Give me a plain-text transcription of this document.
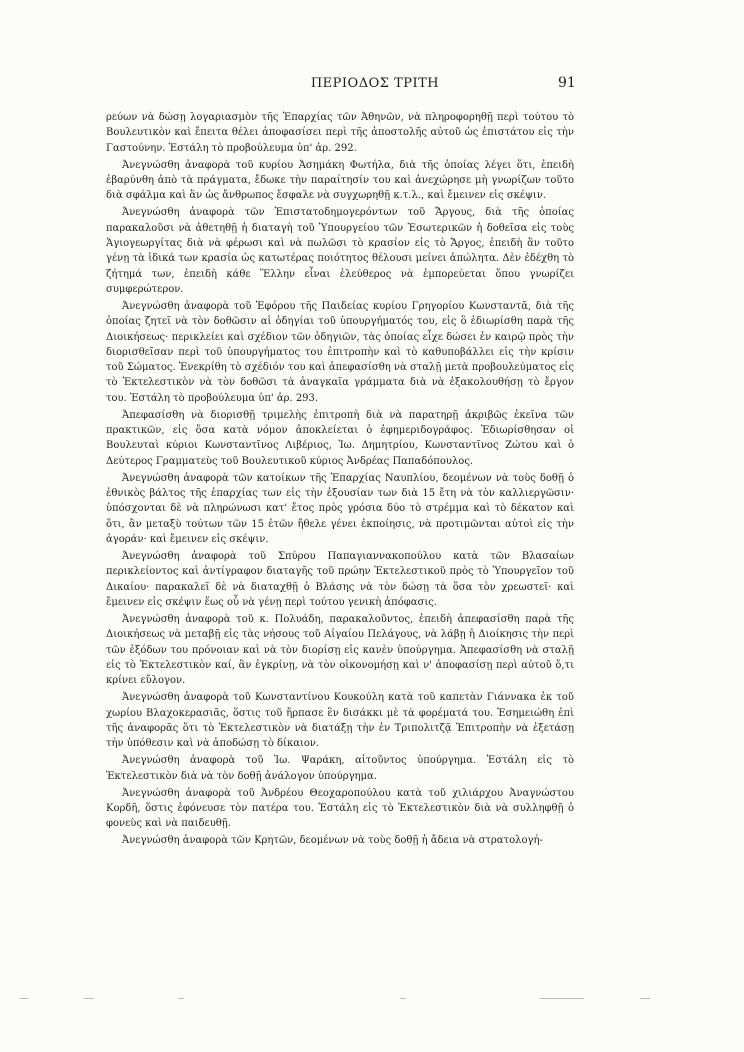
ΠΕΡΙΟΔΟΣ ΤΡΙΤΗ	91

ρεύων νὰ δώσῃ λογαριασμὸν τῆς Ἐπαρχίας τῶν Ἀθηνῶν, νὰ πληροφορηθῇ περὶ τούτου τὸ Βουλευτικὸν καὶ ἔπειτα θέλει ἀποφασίσει περὶ τῆς ἀποστολῆς αὐτοῦ ὡς ἐπιστάτου εἰς τὴν Γαστούνην. Ἐστάλη τὸ προβούλευμα ὑπ' ἀρ. 292.

Ἀνεγνώσθη ἀναφορὰ τοῦ κυρίου Ἀσημάκη Φωτήλα, διὰ τῆς ὁποίας λέγει ὅτι, ἐπειδὴ ἐβαρύνθη ἀπὸ τὰ πράγματα, ἔδωκε τὴν παραίτησίν του καὶ ἀνεχώρησε μὴ γνωρίζων τοῦτο διὰ σφάλμα καὶ ἂν ὡς ἄνθρωπος ἔσφαλε νὰ συγχωρηθῇ κ.τ.λ., καὶ ἔμεινεν εἰς σκέψιν.

Ἀνεγνώσθη ἀναφορὰ τῶν Ἐπιστατοδημογερόντων τοῦ Ἄργους, διὰ τῆς ὁποίας παρακαλοῦσι νὰ ἀθετηθῇ ἡ διαταγὴ τοῦ Ὑπουργείου τῶν Ἐσωτερικῶν ἡ δοθεῖσα εἰς τοὺς Ἁγιογεωργίτας διὰ νὰ φέρωσι καὶ νὰ πωλῶσι τὸ κρασίον εἰς τὸ Ἄργος, ἐπειδὴ ἂν τοῦτο γένῃ τὰ ἰδικά των κρασία ὡς κατωτέρας ποιότητος θέλουσι μείνει ἀπώλητα. Δὲν ἐδέχθη τὸ ζήτημά των, ἐπειδὴ κάθε Ἕλλην εἶναι ἐλεύθερος νὰ ἐμπορεύεται ὅπου γνωρίζει συμφερώτερον.

Ἀνεγνώσθη ἀναφορὰ τοῦ Ἐφόρου τῆς Παιδείας κυρίου Γρηγορίου Κωνσταντᾶ, διὰ τῆς ὁποίας ζητεῖ νὰ τὸν δοθῶσιν αἱ ὁδηγίαι τοῦ ὑπουργήματός του, εἰς ὃ ἐδιωρίσθη παρὰ τῆς Διοικήσεως· περικλείει καὶ σχέδιον τῶν ὁδηγιῶν, τὰς ὁποίας εἶχε δώσει ἐν καιρῷ πρὸς τὴν διορισθεῖσαν περὶ τοῦ ὑπουργήματος του ἐπιτροπὴν καὶ τὸ καθυποβάλλει εἰς τὴν κρίσιν τοῦ Σώματος. Ἐνεκρίθη τὸ σχέδιόν του καὶ ἀπεφασίσθη νὰ σταλῇ μετὰ προβουλεύματος εἰς τὸ Ἐκτελεστικὸν νὰ τὸν δοθῶσι τὰ ἀναγκαῖα γράμματα διὰ νὰ ἐξακολουθήσῃ τὸ ἔργον του. Ἐστάλη τὸ προβούλευμα ὑπ' ἀρ. 293.

Ἀπεφασίσθη νὰ διορισθῇ τριμελὴς ἐπιτροπὴ διὰ νὰ παρατηρῇ ἀκριβῶς ἐκεῖνα τῶν πρακτικῶν, εἰς ὅσα κατὰ νόμον ἀποκλείεται ὁ ἐφημεριδογράφος. Ἐδιωρίσθησαν οἱ Βουλευταὶ κύριοι Κωνσταντῖνος Λιβέριος, Ἰω. Δημητρίου, Κωνσταντῖνος Ζώτου καὶ ὁ Δεύτερος Γραμματεὺς τοῦ Βουλευτικοῦ κύριος Ἀνδρέας Παπαδόπουλος.

Ἀνεγνώσθη ἀναφορὰ τῶν κατοίκων τῆς Ἐπαρχίας Ναυπλίου, δεομένων νὰ τοὺς δοθῇ ὁ ἐθνικὸς βάλτος τῆς ἐπαρχίας των εἰς τὴν ἐξουσίαν των διὰ 15 ἔτη νὰ τὸν καλλιεργῶσιν· ὑπόσχονται δὲ νὰ πληρώνωσι κατ' ἔτος πρὸς γρόσια δύο τὸ στρέμμα καὶ τὸ δέκατον καὶ ὅτι, ἂν μεταξὺ τούτων τῶν 15 ἐτῶν ἤθελε γένει ἐκποίησις, νὰ προτιμῶνται αὐτοὶ εἰς τὴν ἀγοράν· καὶ ἔμεινεν εἰς σκέψιν.

Ἀνεγνώσθη ἀναφορὰ τοῦ Σπύρου Παπαγιαννακοπούλου κατὰ τῶν Βλασαίων περικλείοντος καὶ ἀντίγραφον διαταγῆς τοῦ πρώην Ἐκτελεστικοῦ πρὸς τὸ Ὑπουργεῖον τοῦ Δικαίου· παρακαλεῖ δὲ νὰ διαταχθῇ ὁ Βλάσης νὰ τὸν δώσῃ τὰ ὅσα τὸν χρεωστεῖ· καὶ ἔμεινεν εἰς σκέψιν ἕως οὗ νὰ γένῃ περὶ τούτου γενικὴ ἀπόφασις.

Ἀνεγνώσθη ἀναφορὰ τοῦ κ. Πολυάδη, παρακαλοῦντος, ἐπειδὴ ἀπεφασίσθη παρὰ τῆς Διοικήσεως νὰ μεταβῇ εἰς τὰς νήσους τοῦ Αἰγαίου Πελάγους, νὰ λάβῃ ἡ Διοίκησις τὴν περὶ τῶν ἐξόδων του πρόνοιαν καὶ νὰ τὸν διορίσῃ εἰς κανὲν ὑπούργημα. Ἀπεφασίσθη νὰ σταλῇ εἰς τὸ Ἐκτελεστικὸν καί, ἂν ἐγκρίνῃ, νὰ τὸν οἰκονομήσῃ καὶ ν' ἀποφασίσῃ περὶ αὐτοῦ ὅ,τι κρίνει εὔλογον.

Ἀνεγνώσθη ἀναφορὰ τοῦ Κωνσταντίνου Κουκούλη κατὰ τοῦ καπετὰν Γιάννακα ἐκ τοῦ χωρίου Βλαχοκερασιᾶς, ὅστις τοῦ ἥρπασε ἓν δισάκκι μὲ τὰ φορέματά του. Ἐσημειώθη ἐπὶ τῆς ἀναφορᾶς ὅτι τὸ Ἐκτελεστικὸν νὰ διατάξῃ τὴν ἐν Τριπολιτζᾷ Ἐπιτροπὴν νὰ ἐξετάσῃ τὴν ὑπόθεσιν καὶ νὰ ἀποδώσῃ τὸ δίκαιον.

Ἀνεγνώσθη ἀναφορὰ τοῦ Ἰω. Ψαράκη, αἰτοῦντος ὑπούργημα. Ἐστάλη εἰς τὸ Ἐκτελεστικὸν διὰ νὰ τὸν δοθῇ ἀνάλογον ὑπούργημα.

Ἀνεγνώσθη ἀναφορὰ τοῦ Ἀνδρέου Θεοχαροπούλου κατὰ τοῦ χιλιάρχου Ἀναγνώστου Κορδῆ, ὅστις ἐφόνευσε τὸν πατέρα του. Ἐστάλη εἰς τὸ Ἐκτελεστικὸν διὰ νὰ συλληφθῇ ὁ φονεὺς καὶ νὰ παιδευθῇ.

Ἀνεγνώσθη ἀναφορὰ τῶν Κρητῶν, δεομένων νὰ τοὺς δοθῇ ἡ ἄδεια νὰ στρατολογή-
